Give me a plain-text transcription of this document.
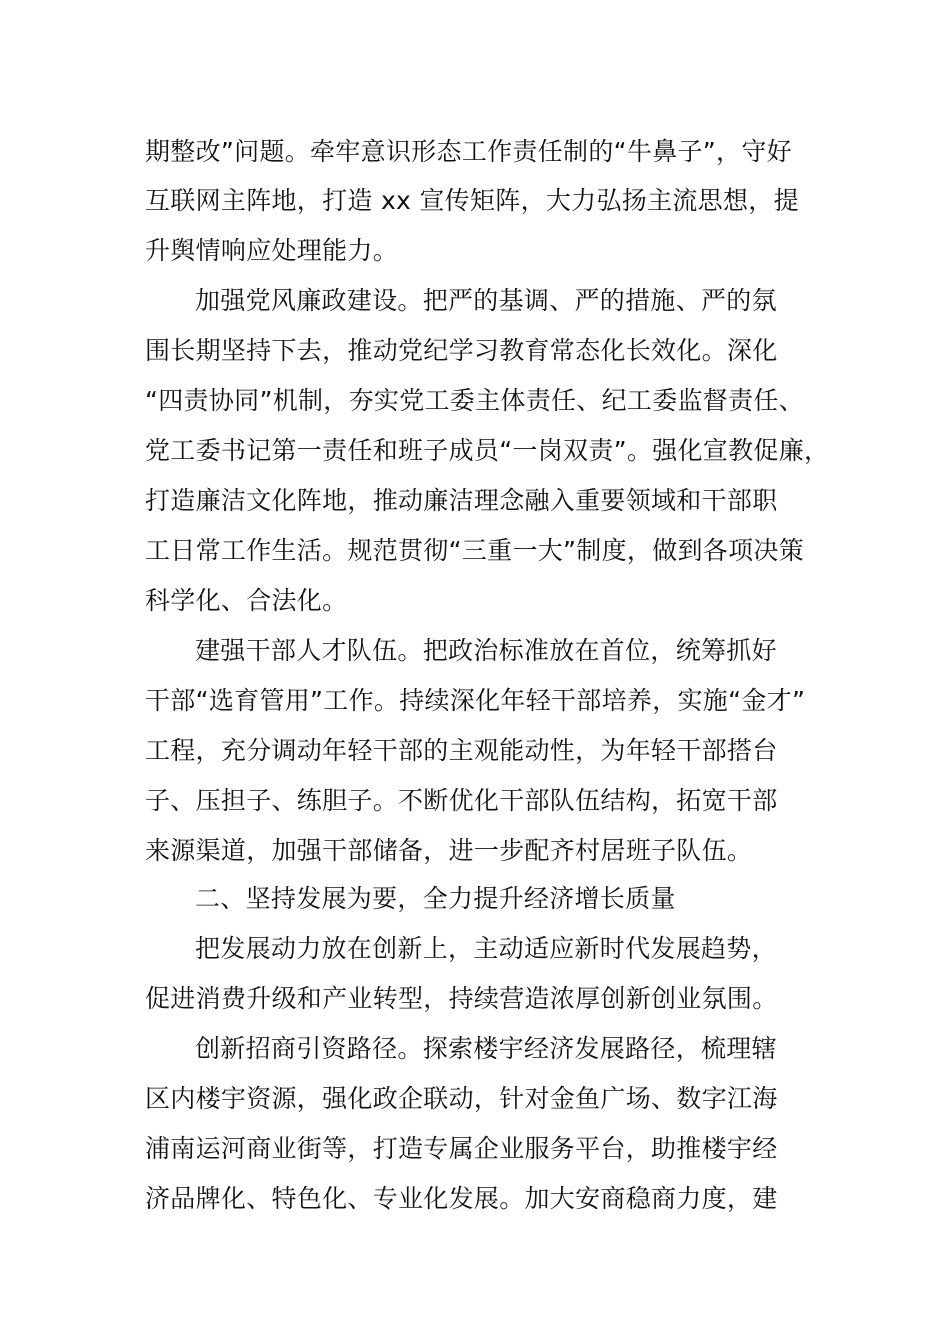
期整改”问题。牵牢意识形态工作责任制的“牛鼻子”，守好
互联网主阵地，打造 xx 宣传矩阵，大力弘扬主流思想，提
升舆情响应处理能力。
加强党风廉政建设。把严的基调、严的措施、严的氛
围长期坚持下去，推动党纪学习教育常态化长效化。深化
“四责协同”机制，夯实党工委主体责任、纪工委监督责任、
党工委书记第一责任和班子成员“一岗双责”。强化宣教促廉，
打造廉洁文化阵地，推动廉洁理念融入重要领域和干部职
工日常工作生活。规范贯彻“三重一大”制度，做到各项决策
科学化、合法化。
建强干部人才队伍。把政治标准放在首位，统筹抓好
干部“选育管用”工作。持续深化年轻干部培养，实施“金才”
工程，充分调动年轻干部的主观能动性，为年轻干部搭台
子、压担子、练胆子。不断优化干部队伍结构，拓宽干部
来源渠道，加强干部储备，进一步配齐村居班子队伍。
二、坚持发展为要，全力提升经济增长质量
把发展动力放在创新上，主动适应新时代发展趋势，
促进消费升级和产业转型，持续营造浓厚创新创业氛围。
创新招商引资路径。探索楼宇经济发展路径，梳理辖
区内楼宇资源，强化政企联动，针对金鱼广场、数字江海
浦南运河商业街等，打造专属企业服务平台，助推楼宇经
济品牌化、特色化、专业化发展。加大安商稳商力度，建
